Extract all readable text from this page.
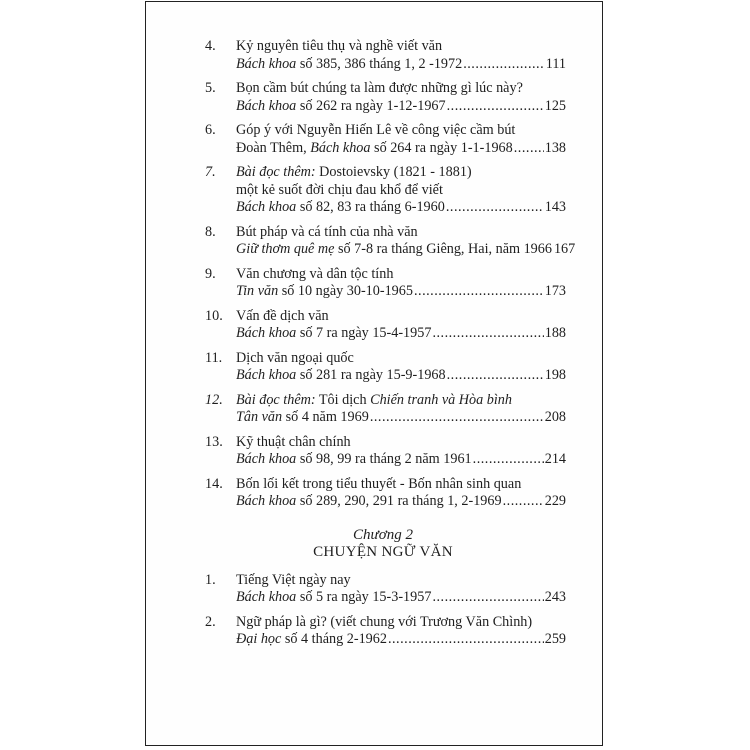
4. Kỷ nguyên tiêu thụ và nghề viết văn
Bách khoa số 385, 386 tháng 1, 2 -1972 .....	111
5. Bọn cầm bút chúng ta làm được những gì lúc này?
Bách khoa số 262 ra ngày 1-12-1967 .....	125
6. Góp ý với Nguyễn Hiến Lê về công việc cầm bút
Đoàn Thêm, Bách khoa số 264 ra ngày 1-1-1968 ..... 138
7. Bài đọc thêm: Dostoievsky (1821 - 1881)
một kẻ suốt đời chịu đau khổ để viết
Bách khoa số 82, 83 ra tháng 6-1960 .....	143
8. Bút pháp và cá tính của nhà văn
Giữ thơm quê mẹ số 7-8 ra tháng Giêng, Hai, năm 1966 167
9. Văn chương và dân tộc tính
Tin văn số 10 ngày 30-10-1965 .....	173
10. Vấn đề dịch văn
Bách khoa số 7 ra ngày 15-4-1957 .....	188
11. Dịch văn ngoại quốc
Bách khoa số 281 ra ngày 15-9-1968 .....	198
12. Bài đọc thêm: Tôi dịch Chiến tranh và Hòa bình
Tân văn số 4 năm 1969 .....	208
13. Kỹ thuật chân chính
Bách khoa số 98, 99 ra tháng 2 năm 1961 .....	214
14. Bốn lối kết trong tiểu thuyết - Bốn nhân sinh quan
Bách khoa số 289, 290, 291 ra tháng 1, 2-1969 .....	229
Chương 2
CHUYỆN NGỮ VĂN
1. Tiếng Việt ngày nay
Bách khoa số 5 ra ngày 15-3-1957 .....	243
2. Ngữ pháp là gì? (viết chung với Trương Văn Chình)
Đại học số 4 tháng 2-1962 .....	259
